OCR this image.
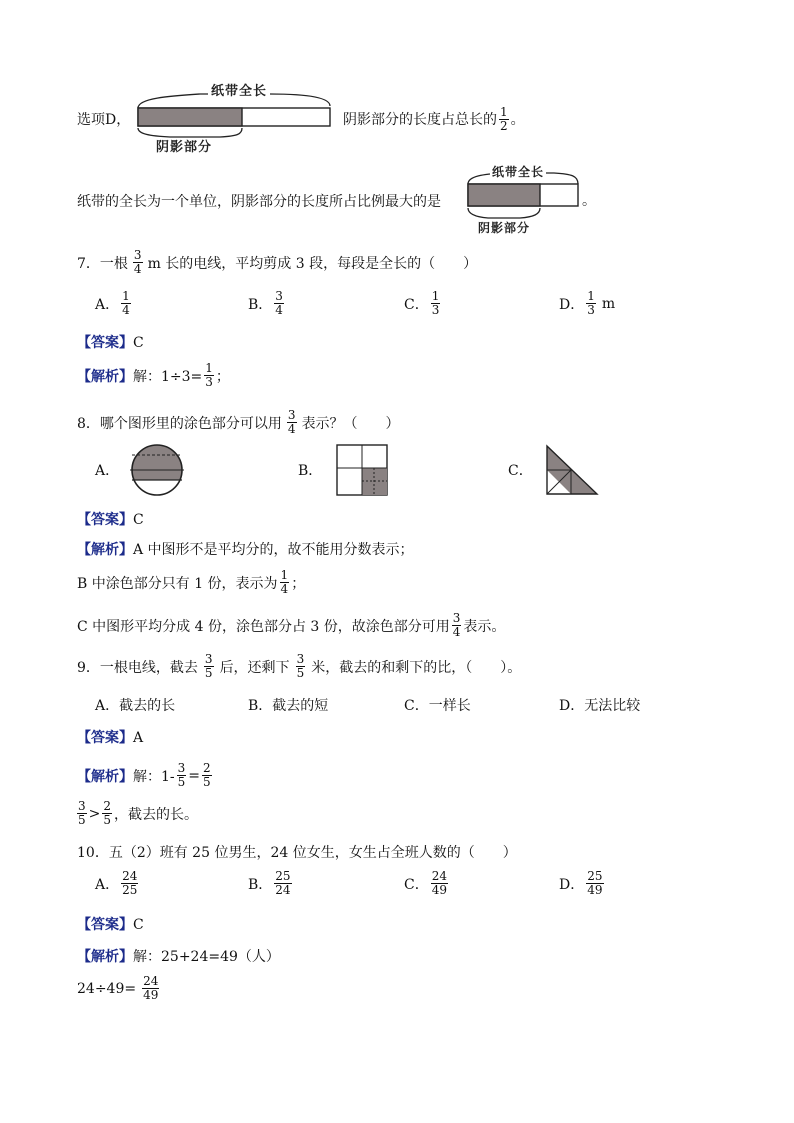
选项D，
纸带全长
阴影部分
阴影部分的长度占总长的 $\frac{1}{2}$ 。
纸带的全长为一个单位，阴影部分的长度所占比例最大的是
纸带全长
阴影部分
。
7． 一根 $\frac{3}{4}$ m 长的电线，平均剪成 3 段，每段是全长的（　　）
A． $\frac{1}{4}$	B． $\frac{3}{4}$	C． $\frac{1}{3}$	D． $\frac{1}{3}$ m
【答案】C
【解析】 解：$1\div 3= \frac{1}{3}$ ；
8． 哪个图形里的涂色部分可以用 $\frac{3}{4}$ 表示？（　　）
A．	B．	C．
【答案】C
【解析】A 中图形不是平均分的，故不能用分数表示；
B 中涂色部分只有 1 份，表示为 $\frac{1}{4}$ ；
C 中图形平均分成 4 份，涂色部分占 3 份，故涂色部分可用 $\frac{3}{4}$ 表示。
9． 一根电线，截去 $\frac{3}{5}$ 后，还剩下 $\frac{3}{5}$ 米，截去的和剩下的比，（　　）。
A．截去的长	B．截去的短	C．一样长	D．无法比较
【答案】A
【解析】 解：$1- \frac{3}{5} = \frac{2}{5}$
$\frac{3}{5} > \frac{2}{5}$ ，截去的长。
10．五（2）班有 25 位男生，24 位女生，女生占全班人数的（　　）
A． $\frac{24}{25}$	B． $\frac{25}{24}$	C． $\frac{24}{49}$	D． $\frac{25}{49}$
【答案】C
【解析】解：25+24=49（人）
$24\div 49= \frac{24}{49}$
